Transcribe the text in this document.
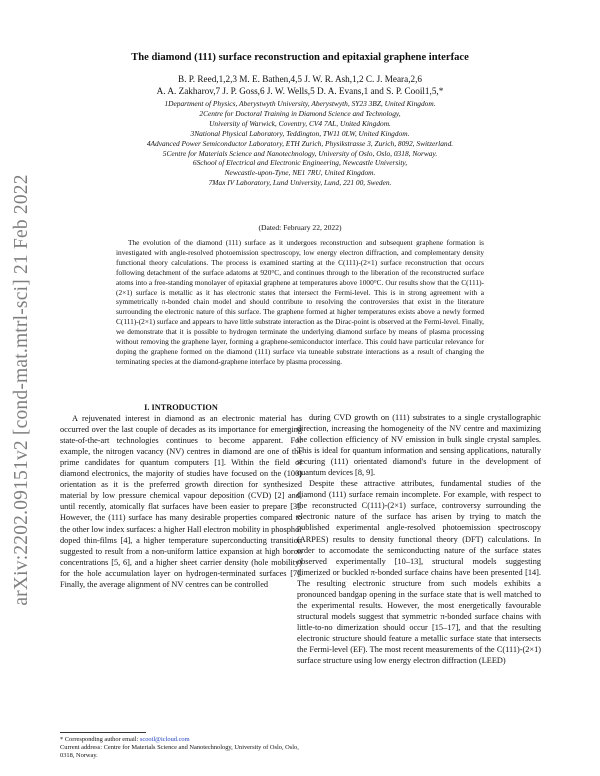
arXiv:2202.09151v2 [cond-mat.mtrl-sci] 21 Feb 2022
The diamond (111) surface reconstruction and epitaxial graphene interface
B. P. Reed,1,2,3 M. E. Bathen,4,5 J. W. R. Ash,1,2 C. J. Meara,2,6
A. A. Zakharov,7 J. P. Goss,6 J. W. Wells,5 D. A. Evans,1 and S. P. Cooil1,5,*
1Department of Physics, Aberystwyth University, Aberystwyth, SY23 3BZ, United Kingdom.
2Centre for Doctoral Training in Diamond Science and Technology,
University of Warwick, Coventry, CV4 7AL, United Kingdom.
3National Physical Laboratory, Teddington, TW11 0LW, United Kingdom.
4Advanced Power Semiconductor Laboratory, ETH Zurich, Physikstrasse 3, Zurich, 8092, Switzerland.
5Centre for Materials Science and Nanotechnology, University of Oslo, Oslo, 0318, Norway.
6School of Electrical and Electronic Engineering, Newcastle University,
Newcastle-upon-Tyne, NE1 7RU, United Kingdom.
7Max IV Laboratory, Lund University, Lund, 221 00, Sweden.
(Dated: February 22, 2022)
The evolution of the diamond (111) surface as it undergoes reconstruction and subsequent graphene formation is investigated with angle-resolved photoemission spectroscopy, low energy electron diffraction, and complementary density functional theory calculations. The process is examined starting at the C(111)-(2×1) surface reconstruction that occurs following detachment of the surface adatoms at 920°C, and continues through to the liberation of the reconstructed surface atoms into a free-standing monolayer of epitaxial graphene at temperatures above 1000°C. Our results show that the C(111)-(2×1) surface is metallic as it has electronic states that intersect the Fermi-level. This is in strong agreement with a symmetrically π-bonded chain model and should contribute to resolving the controversies that exist in the literature surrounding the electronic nature of this surface. The graphene formed at higher temperatures exists above a newly formed C(111)-(2×1) surface and appears to have little substrate interaction as the Dirac-point is observed at the Fermi-level. Finally, we demonstrate that it is possible to hydrogen terminate the underlying diamond surface by means of plasma processing without removing the graphene layer, forming a graphene-semiconductor interface. This could have particular relevance for doping the graphene formed on the diamond (111) surface via tuneable substrate interactions as a result of changing the terminating species at the diamond-graphene interface by plasma processing.

I. INTRODUCTION

A rejuvenated interest in diamond as an electronic material has occurred over the last couple of decades as its importance for emerging state-of-the-art technologies continues to become apparent. For example, the nitrogen vacancy (NV) centres in diamond are one of the prime candidates for quantum computers [1]. Within the field of diamond electronics, the majority of studies have focused on the (100) orientation as it is the preferred growth direction for synthesized material by low pressure chemical vapour deposition (CVD) [2] and, until recently, atomically flat surfaces have been easier to prepare [3]. However, the (111) surface has many desirable properties compared to the other low index surfaces: a higher Hall electron mobility in phosphor doped thin-films [4], a higher temperature superconducting transition suggested to result from a non-uniform lattice expansion at high boron concentrations [5, 6], and a higher sheet carrier density (hole mobility) for the hole accumulation layer on hydrogen-terminated surfaces [7]. Finally, the average alignment of NV centres can be controlled

during CVD growth on (111) substrates to a single crystallographic direction, increasing the homogeneity of the NV centre and maximizing the collection efficiency of NV emission in bulk single crystal samples. This is ideal for quantum information and sensing applications, naturally securing (111) orientated diamond's future in the development of quantum devices [8, 9].

Despite these attractive attributes, fundamental studies of the diamond (111) surface remain incomplete. For example, with respect to the reconstructed C(111)-(2×1) surface, controversy surrounding the electronic nature of the surface has arisen by trying to match the published experimental angle-resolved photoemission spectroscopy (ARPES) results to density functional theory (DFT) calculations. In order to accomodate the semiconducting nature of the surface states observed experimentally [10–13], structural models suggesting dimerized or buckled π-bonded surface chains have been presented [14]. The resulting electronic structure from such models exhibits a pronounced bandgap opening in the surface state that is well matched to the experimental results. However, the most energetically favourable structural models suggest that symmetric π-bonded surface chains with little-to-no dimerization should occur [15–17], and that the resulting electronic structure should feature a metallic surface state that intersects the Fermi-level (EF). The most recent measurements of the C(111)-(2×1) surface structure using low energy electron diffraction (LEED)

* Corresponding author email: scooil@icloud.com
Current address: Centre for Materials Science and Nanotechnology, University of Oslo, Oslo, 0318, Norway.
